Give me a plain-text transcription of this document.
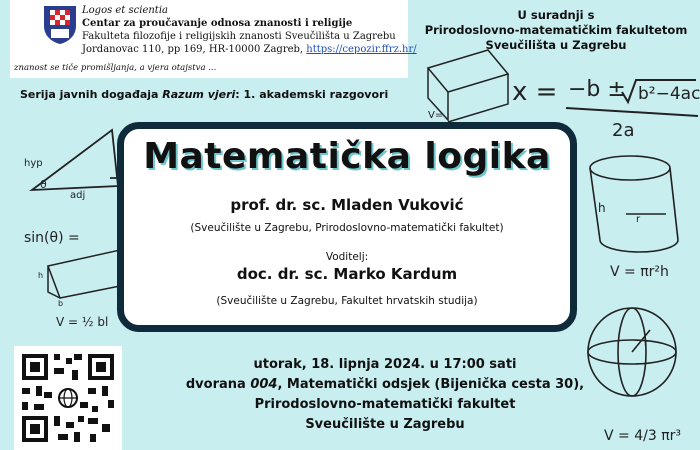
x = −b ± b²−4ac
2a
V=
hyp
θ
adj
sin(θ) =
h
b
V = ½ bl
h
r
V = πr²h
r
V = 4/3 πr³
Logos et scientia
Centar za proučavanje odnosa znanosti i religije
Fakulteta filozofije i religijskih znanosti Sveučilišta u Zagrebu
Jordanovac 110, pp 169, HR-10000 Zagreb, https://cepozir.ffrz.hr/
znanost se tiče promišljanja, a vjera otajstva ...
U suradnji s
Prirodoslovno-matematičkim fakultetom
Sveučilišta u Zagrebu
Serija javnih događaja Razum vjeri: 1. akademski razgovori
Matematička logika
prof. dr. sc. Mladen Vuković
(Sveučilište u Zagrebu, Prirodoslovno-matematički fakultet)
Voditelj:
doc. dr. sc. Marko Kardum
(Sveučilište u Zagrebu, Fakultet hrvatskih studija)
utorak, 18. lipnja 2024. u 17:00 sati
dvorana 004, Matematički odsjek (Bijenička cesta 30),
Prirodoslovno-matematički fakultet
Sveučilište u Zagrebu
